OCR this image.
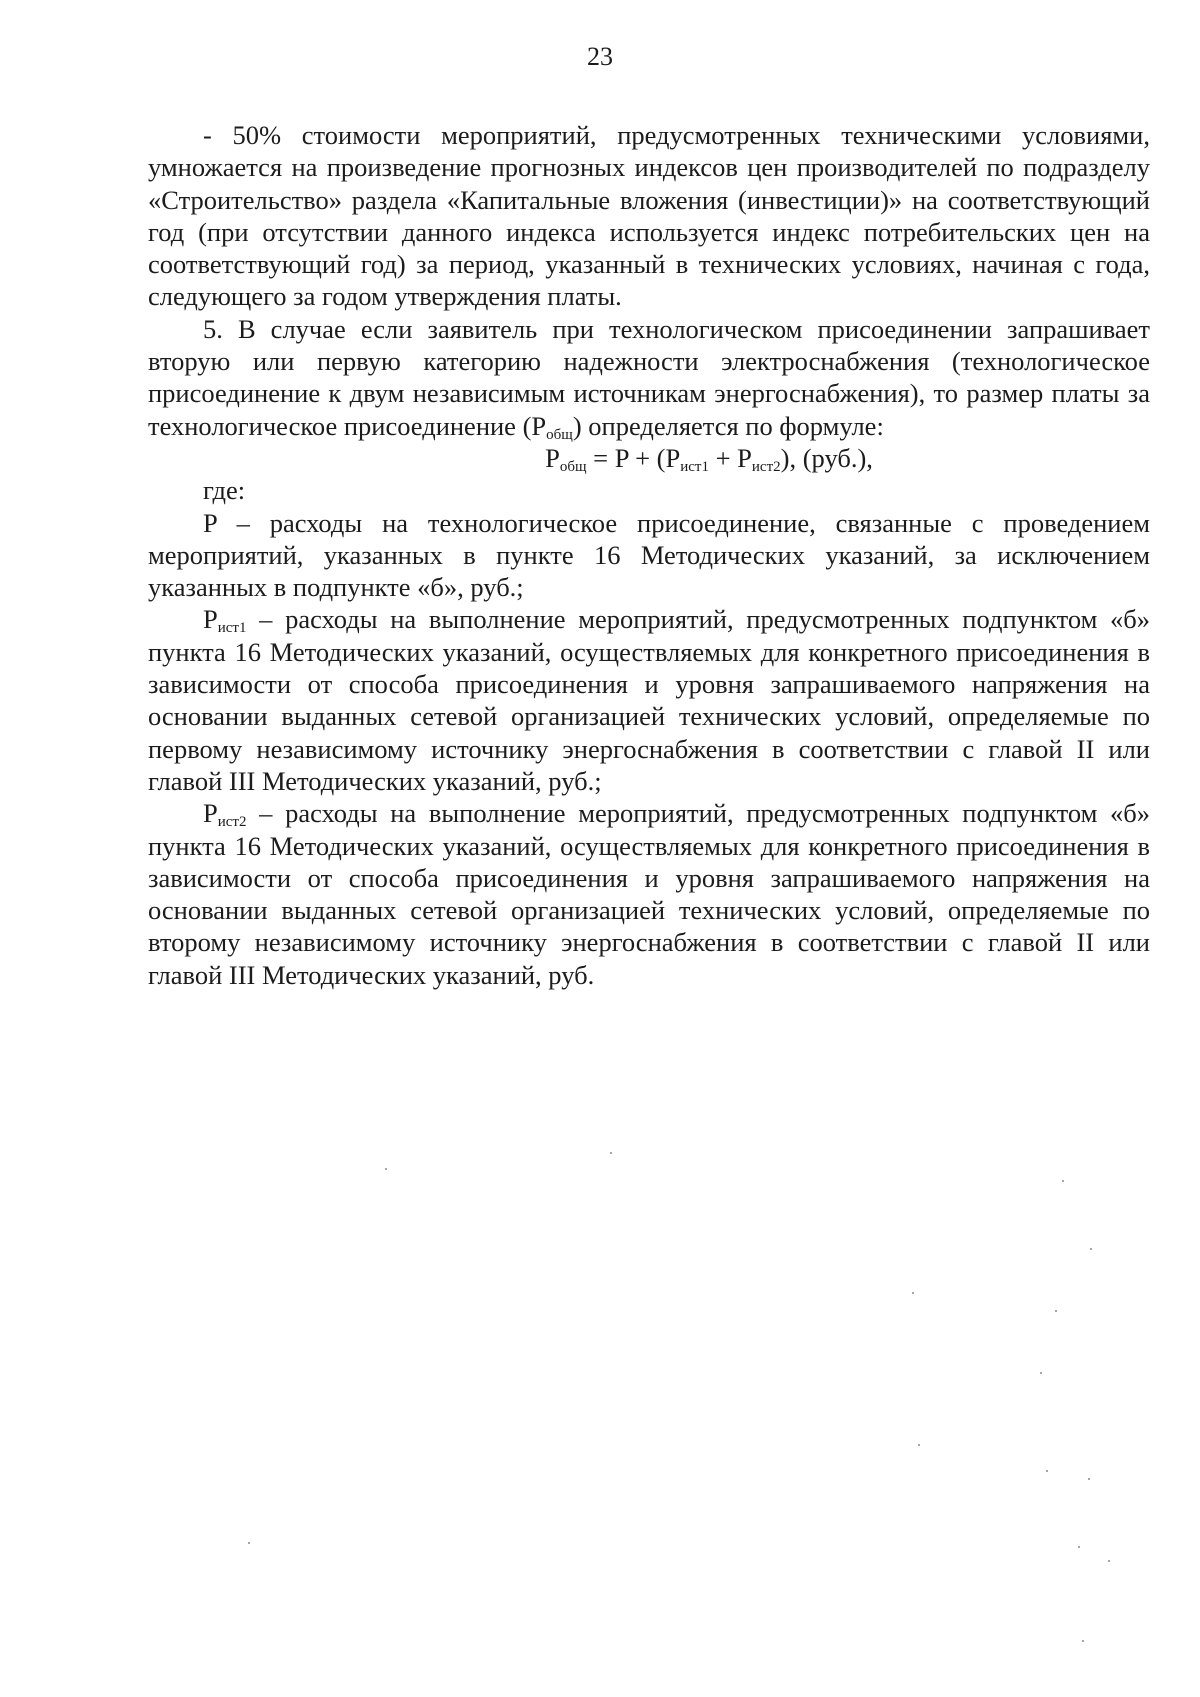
23

- 50% стоимости мероприятий, предусмотренных техническими условиями, умножается на произведение прогнозных индексов цен производителей по подразделу «Строительство» раздела «Капитальные вложения (инвестиции)» на соответствующий год (при отсутствии данного индекса используется индекс потребительских цен на соответствующий год) за период, указанный в технических условиях, начиная с года, следующего за годом утверждения платы.

5. В случае если заявитель при технологическом присоединении запрашивает вторую или первую категорию надежности электроснабжения (технологическое присоединение к двум независимым источникам энергоснабжения), то размер платы за технологическое присоединение $(P_{общ})$ определяется по формуле:

$P_{общ} = P + (P_{ист1} + P_{ист2})$, (руб.),

где:

P – расходы на технологическое присоединение, связанные с проведением мероприятий, указанных в пункте 16 Методических указаний, за исключением указанных в подпункте «б», руб.;

$P_{ист1}$ – расходы на выполнение мероприятий, предусмотренных подпунктом «б» пункта 16 Методических указаний, осуществляемых для конкретного присоединения в зависимости от способа присоединения и уровня запрашиваемого напряжения на основании выданных сетевой организацией технических условий, определяемые по первому независимому источнику энергоснабжения в соответствии с главой II или главой III Методических указаний, руб.;

$P_{ист2}$ – расходы на выполнение мероприятий, предусмотренных подпунктом «б» пункта 16 Методических указаний, осуществляемых для конкретного присоединения в зависимости от способа присоединения и уровня запрашиваемого напряжения на основании выданных сетевой организацией технических условий, определяемые по второму независимому источнику энергоснабжения в соответствии с главой II или главой III Методических указаний, руб.
